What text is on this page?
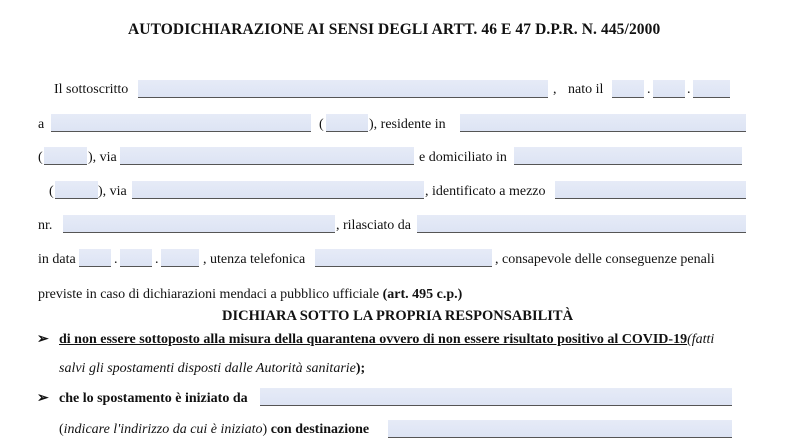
AUTODICHIARAZIONE AI SENSI DEGLI ARTT. 46 E 47 D.P.R. N. 445/2000
Il sottoscritto	, nato il	.	.
a	(	), residente in
(	), via	e domiciliato in
(	), via	, identificato a mezzo
nr.	, rilasciato da
in data	.	.	, utenza telefonica	, consapevole delle conseguenze penali
previste in caso di dichiarazioni mendaci a pubblico ufficiale (art. 495 c.p.)
DICHIARA SOTTO LA PROPRIA RESPONSABILITÀ
➢ di non essere sottoposto alla misura della quarantena ovvero di non essere risultato positivo al COVID-19(fatti
salvi gli spostamenti disposti dalle Autorità sanitarie);
➢ che lo spostamento è iniziato da
(indicare l'indirizzo da cui è iniziato) con destinazione
